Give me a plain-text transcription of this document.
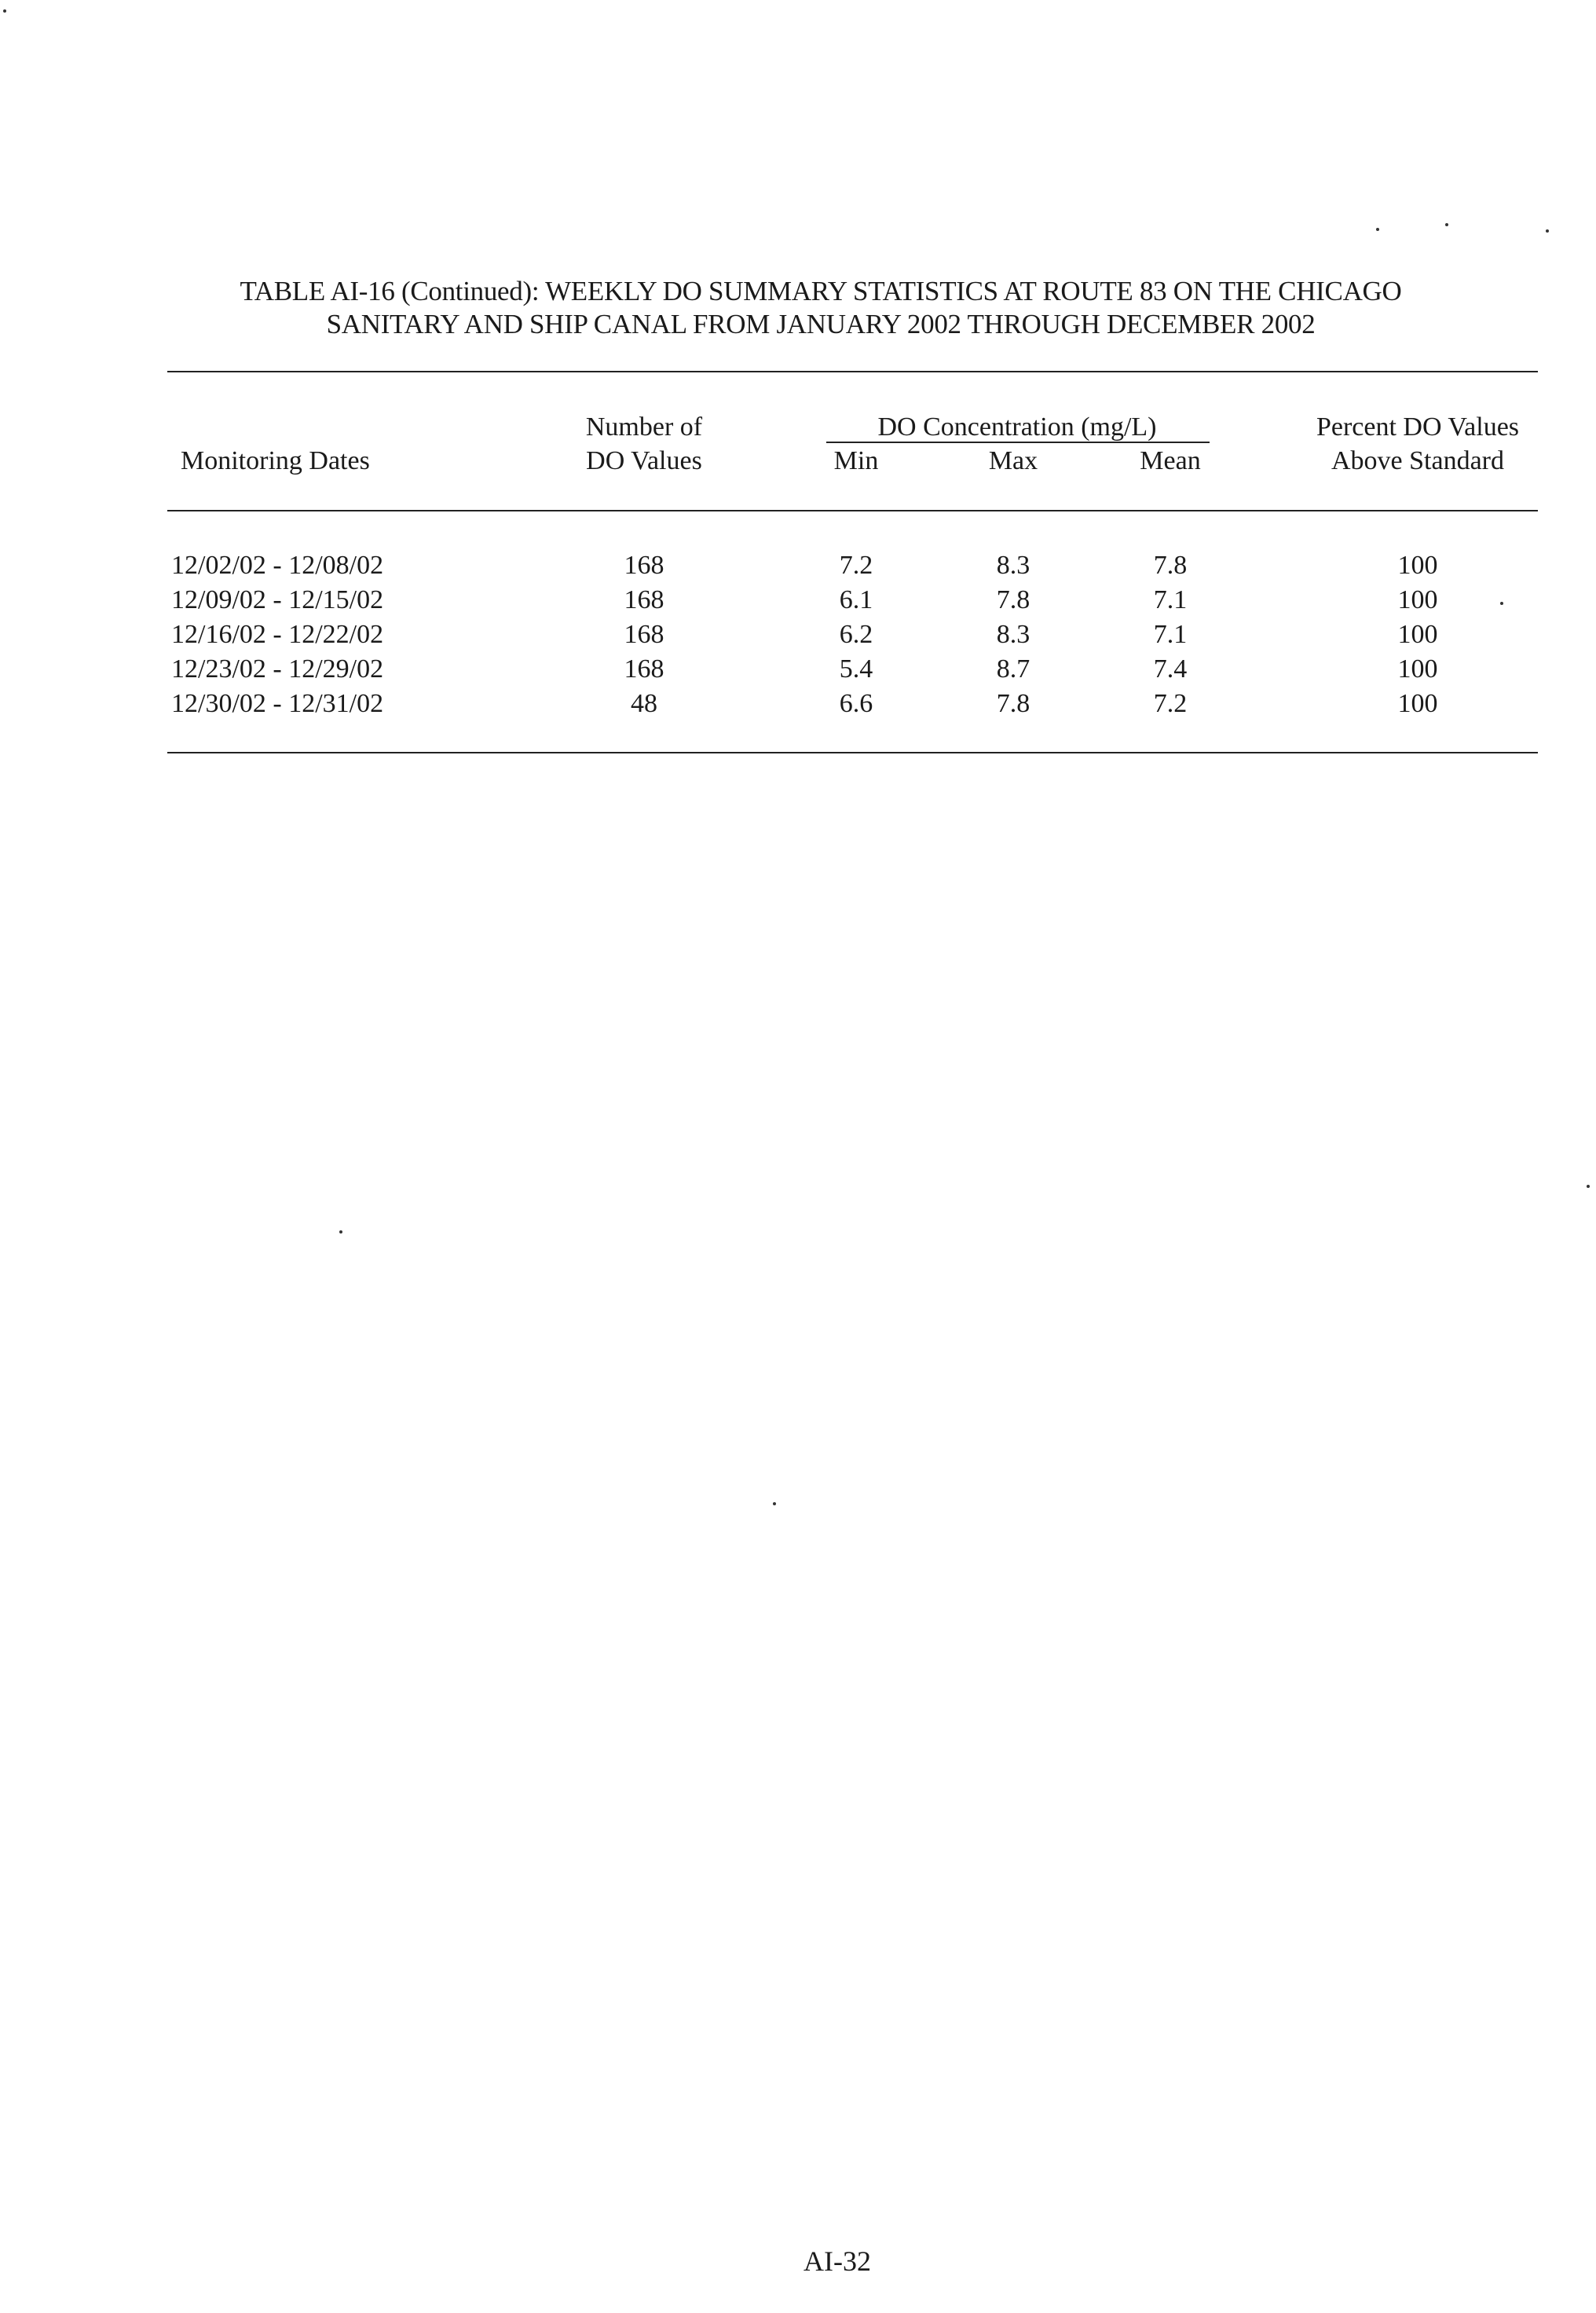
TABLE AI-16 (Continued): WEEKLY DO SUMMARY STATISTICS AT ROUTE 83 ON THE CHICAGO
SANITARY AND SHIP CANAL FROM JANUARY 2002 THROUGH DECEMBER 2002
Monitoring Dates
Number of
DO Values
DO Concentration (mg/L)
Min	Max	Mean
Percent DO Values
Above Standard
12/02/02 - 12/08/02	168	7.2	8.3	7.8	100
12/09/02 - 12/15/02	168	6.1	7.8	7.1	100
12/16/02 - 12/22/02	168	6.2	8.3	7.1	100
12/23/02 - 12/29/02	168	5.4	8.7	7.4	100
12/30/02 - 12/31/02	48	6.6	7.8	7.2	100
AI-32
